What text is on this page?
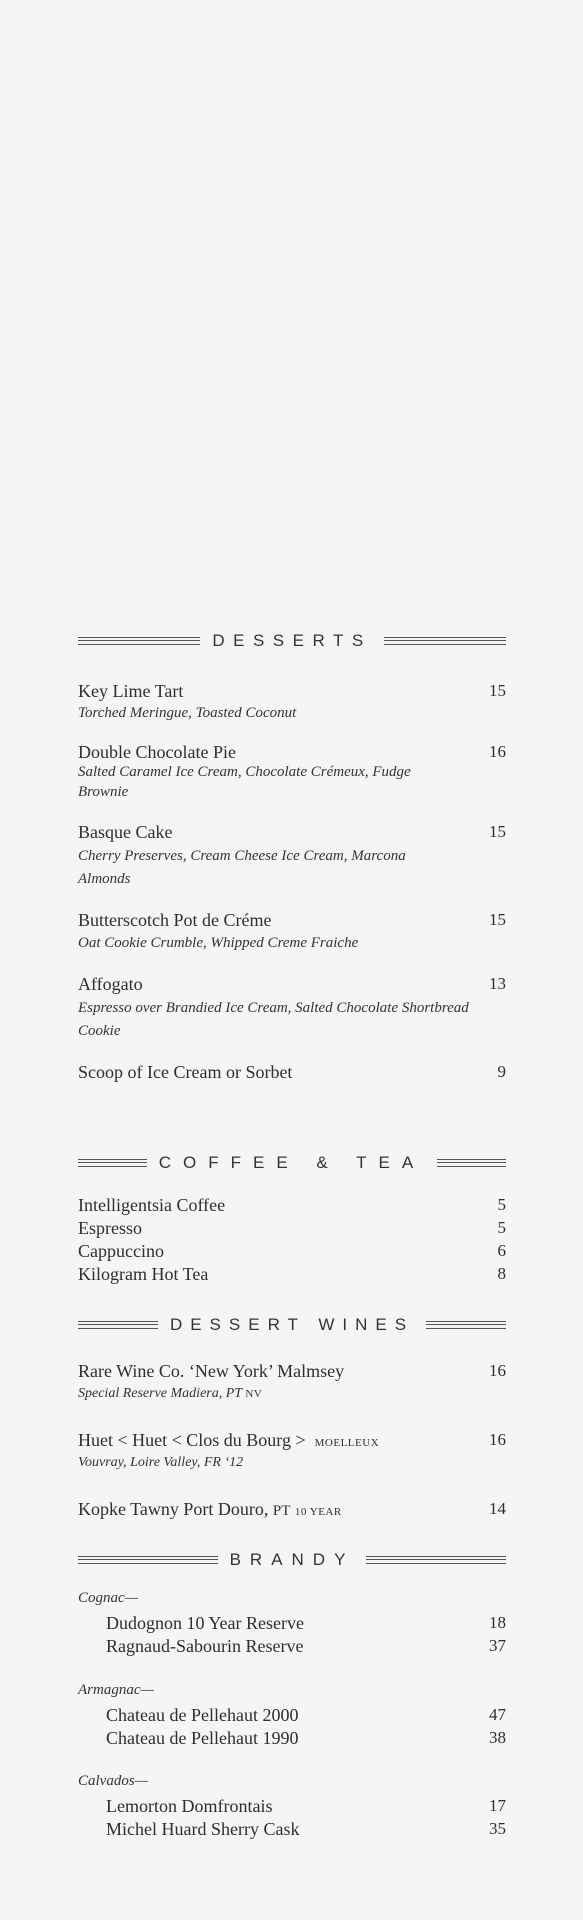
DESSERTS
Key Lime Tart	15
Torched Meringue, Toasted Coconut
Double Chocolate Pie	16
Salted Caramel Ice Cream, Chocolate Crémeux, Fudge Brownie
Basque Cake	15
Cherry Preserves, Cream Cheese Ice Cream, Marcona Almonds
Butterscotch Pot de Créme	15
Oat Cookie Crumble, Whipped Creme Fraiche
Affogato	13
Espresso over Brandied Ice Cream, Salted Chocolate Shortbread Cookie
Scoop of Ice Cream or Sorbet	9
COFFEE & TEA
Intelligentsia Coffee	5
Espresso	5
Cappuccino	6
Kilogram Hot Tea	8
DESSERT WINES
Rare Wine Co. ‘New York’ Malmsey	16
Special Reserve Madiera, PT NV
Huet < Huet < Clos du Bourg > MOELLEUX	16
Vouvray, Loire Valley, FR ‘12
Kopke Tawny Port Douro, PT 10 YEAR	14
BRANDY
Cognac—
Dudognon 10 Year Reserve	18
Ragnaud-Sabourin Reserve	37
Armagnac—
Chateau de Pellehaut 2000	47
Chateau de Pellehaut 1990	38
Calvados—
Lemorton Domfrontais	17
Michel Huard Sherry Cask	35
